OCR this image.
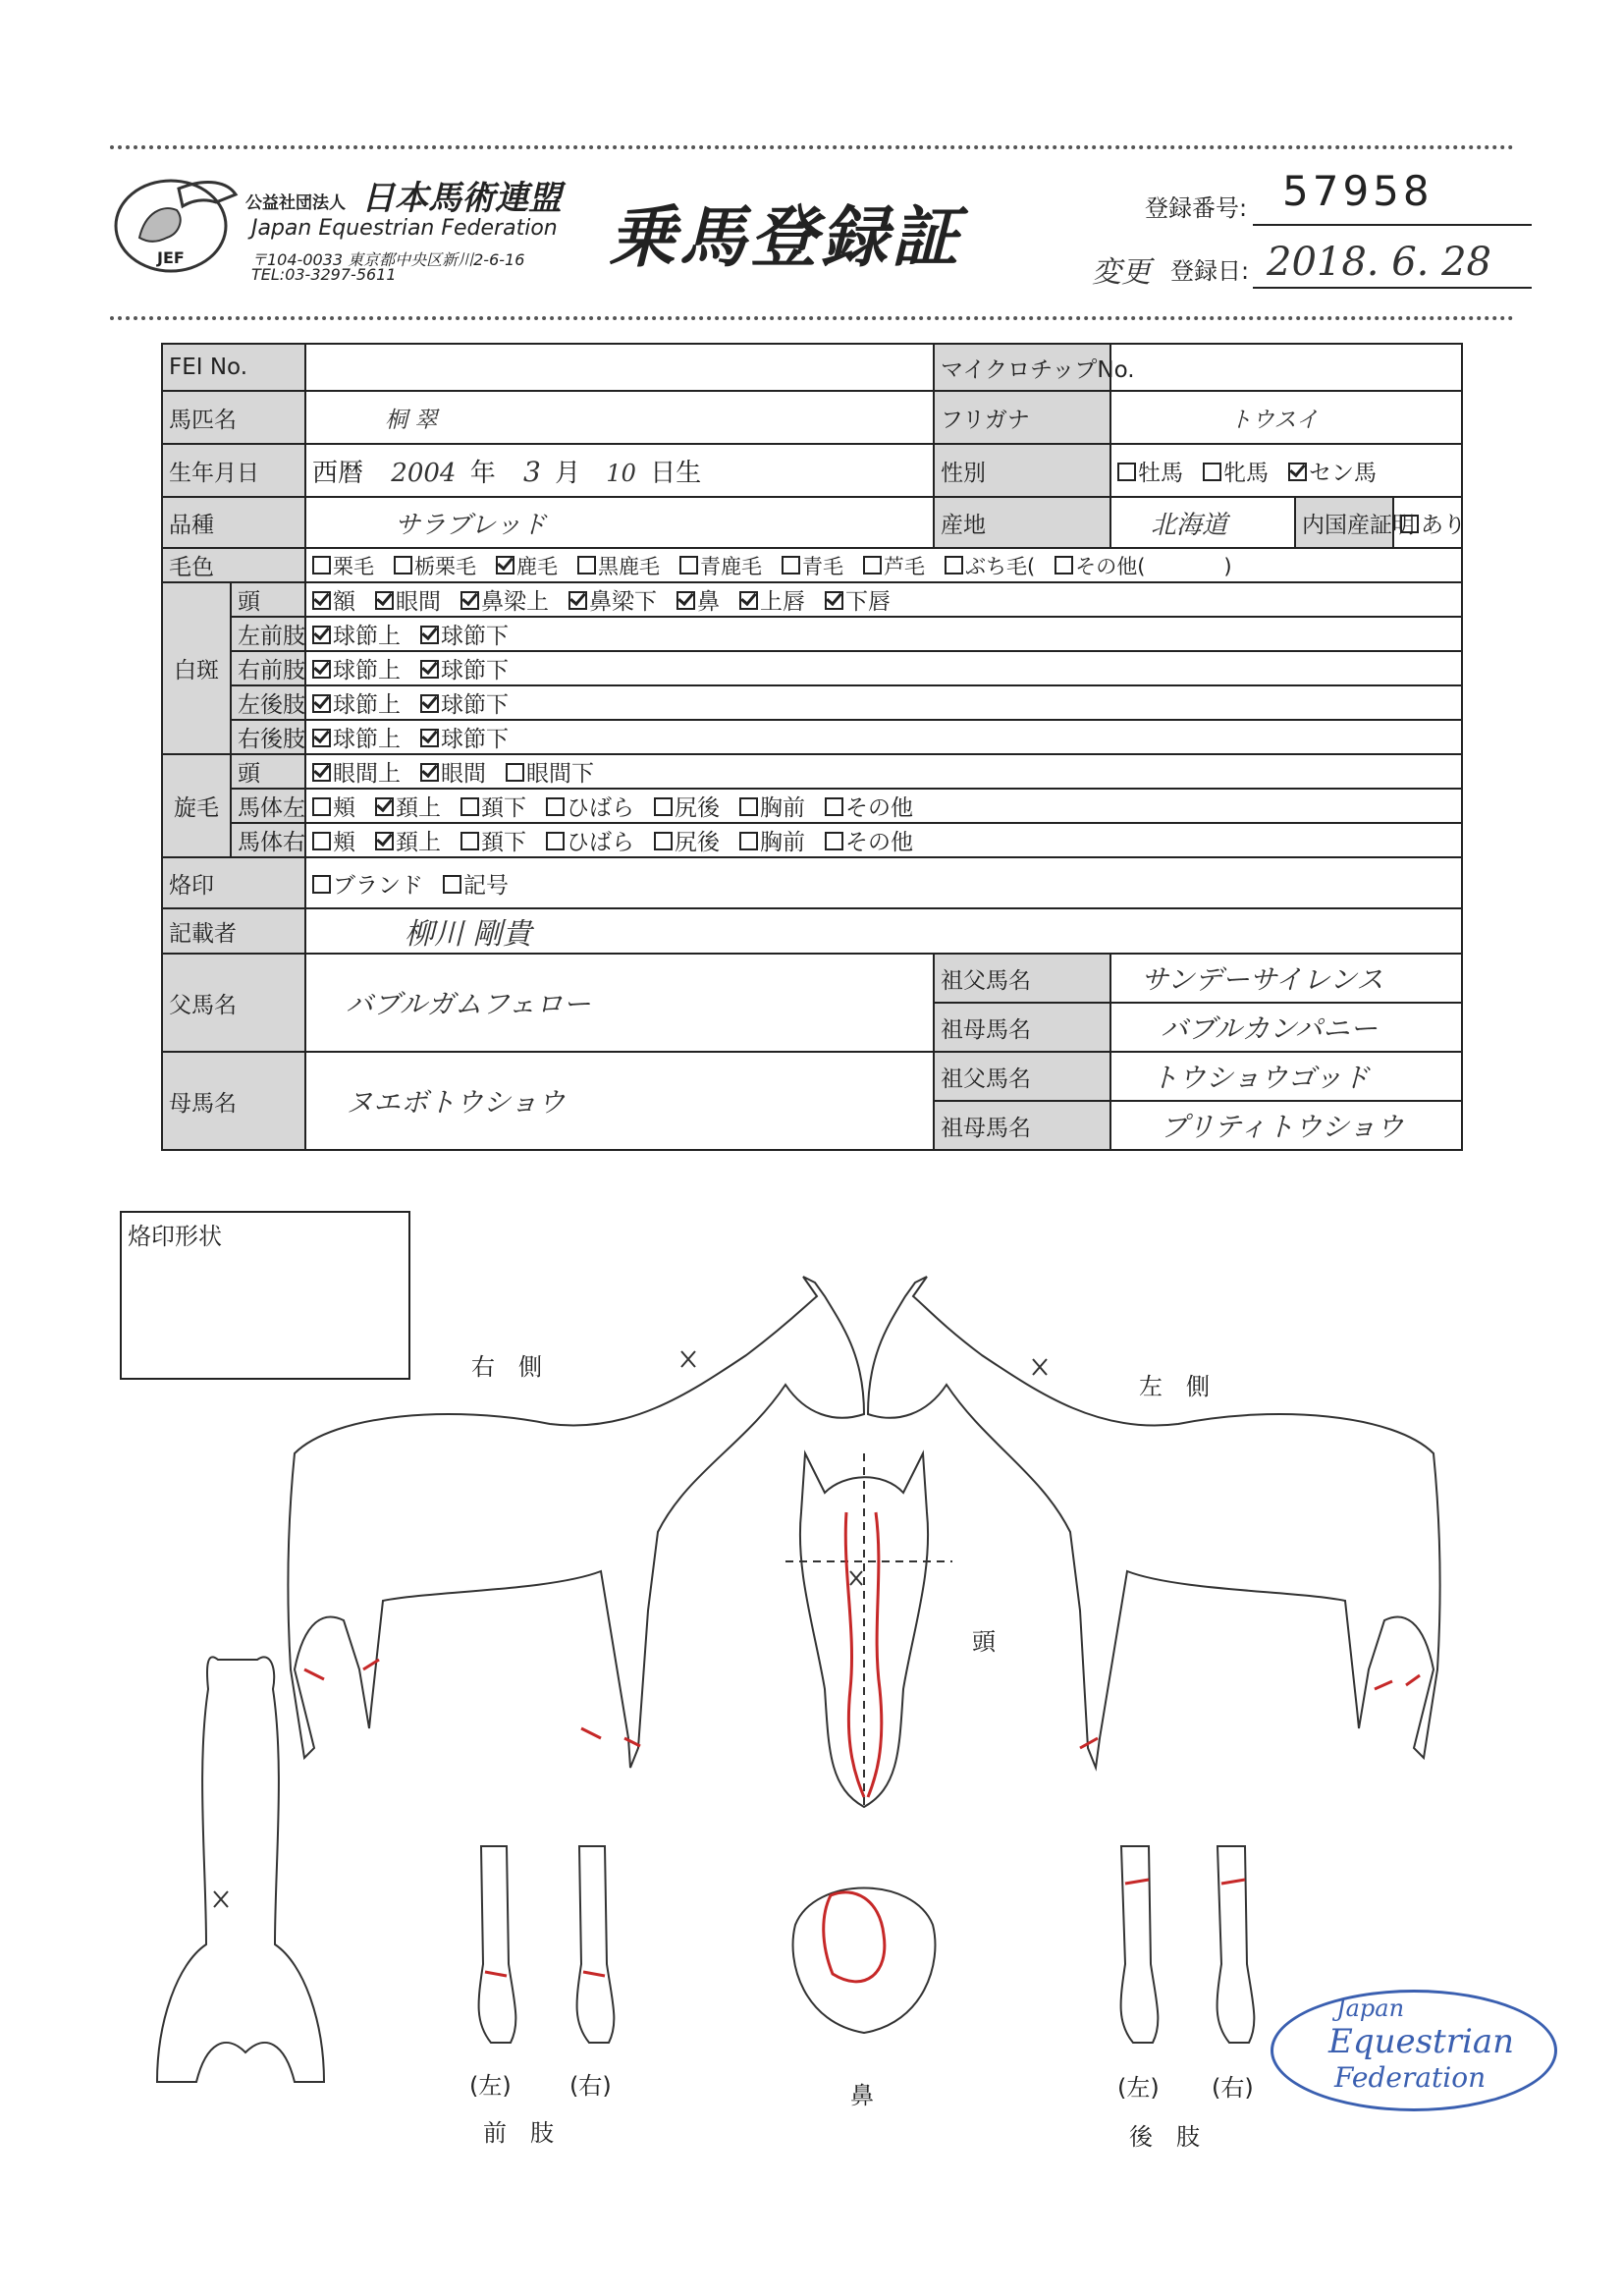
JEF
公益社団法人 日本馬術連盟
Japan Equestrian Federation
〒104-0033 東京都中央区新川2-6-16
TEL:03-3297-5611	乗馬登録証	登録番号: 57958
変更 登録日: 2018. 6. 28
FEI No.			マイクロチップNo.			
馬匹名		桐 翠	フリガナ	トウスイ		
生年月日		西暦 2004 年 3 月 10 日生	性別	牡馬 牝馬 セン馬		
品種		サラブレッド	産地	北海道	内国産証明	あり
毛色		栗毛 栃栗毛 鹿毛 黒鹿毛 青鹿毛 青毛 芦毛 ぶち毛( その他( )				
白斑	頭	額 眼間 鼻梁上 鼻梁下 鼻 上唇 下唇				
	左前肢	球節上 球節下				
	右前肢	球節上 球節下				
	左後肢	球節上 球節下				
	右後肢	球節上 球節下				
旋毛	頭	眼間上 眼間 眼間下				
	馬体左	頬 頚上 頚下 ひばら 尻後 胸前 その他				
	馬体右	頬 頚上 頚下 ひばら 尻後 胸前 その他				
烙印		ブランド 記号				
記載者		柳川 剛貴				
父馬名		バブルガムフェロー	祖父馬名	サンデーサイレンス		
			祖母馬名	バブルカンパニー		
母馬名		ヌエボトウショウ	祖父馬名	トウショウゴッド		
			祖母馬名	プリティトウショウ		
烙印形状
右　側
左　側
頭
鼻
(左) (右)
前　肢
(左) (右)
後　肢
Japan
Equestrian
Federation
